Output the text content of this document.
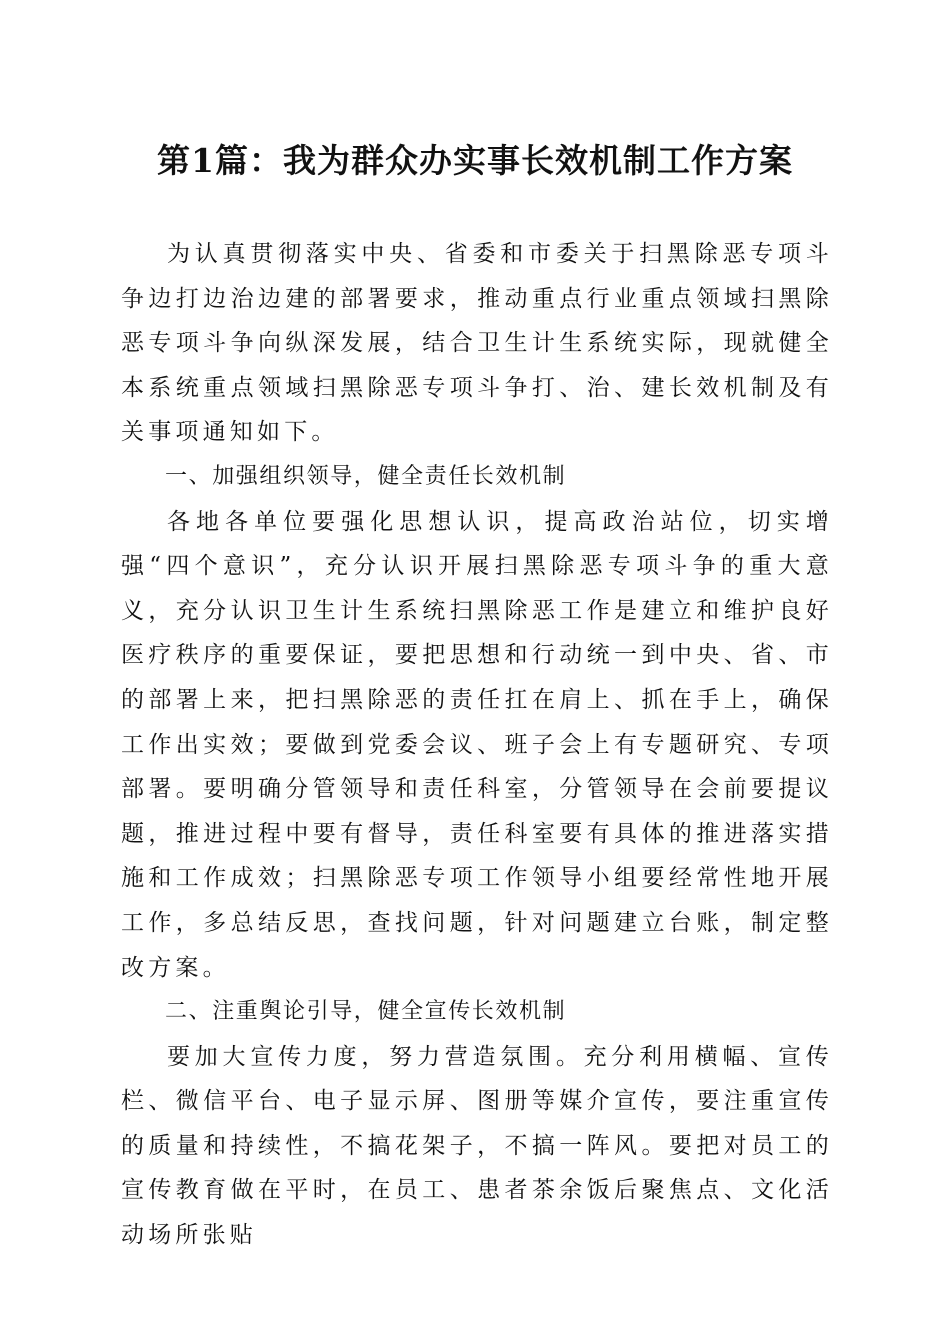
第1篇：我为群众办实事长效机制工作方案

为认真贯彻落实中央、省委和市委关于扫黑除恶专项斗争边打边治边建的部署要求，推动重点行业重点领域扫黑除恶专项斗争向纵深发展，结合卫生计生系统实际，现就健全本系统重点领域扫黑除恶专项斗争打、治、建长效机制及有关事项通知如下。

一、加强组织领导，健全责任长效机制

各地各单位要强化思想认识，提高政治站位，切实增强“四个意识”，充分认识开展扫黑除恶专项斗争的重大意义，充分认识卫生计生系统扫黑除恶工作是建立和维护良好医疗秩序的重要保证，要把思想和行动统一到中央、省、市的部署上来，把扫黑除恶的责任扛在肩上、抓在手上，确保工作出实效；要做到党委会议、班子会上有专题研究、专项部署。要明确分管领导和责任科室，分管领导在会前要提议题，推进过程中要有督导，责任科室要有具体的推进落实措施和工作成效；扫黑除恶专项工作领导小组要经常性地开展工作，多总结反思，查找问题，针对问题建立台账，制定整改方案。

二、注重舆论引导，健全宣传长效机制

要加大宣传力度，努力营造氛围。充分利用横幅、宣传栏、微信平台、电子显示屏、图册等媒介宣传，要注重宣传的质量和持续性，不搞花架子，不搞一阵风。要把对员工的宣传教育做在平时，在员工、患者茶余饭后聚焦点、文化活动场所张贴
